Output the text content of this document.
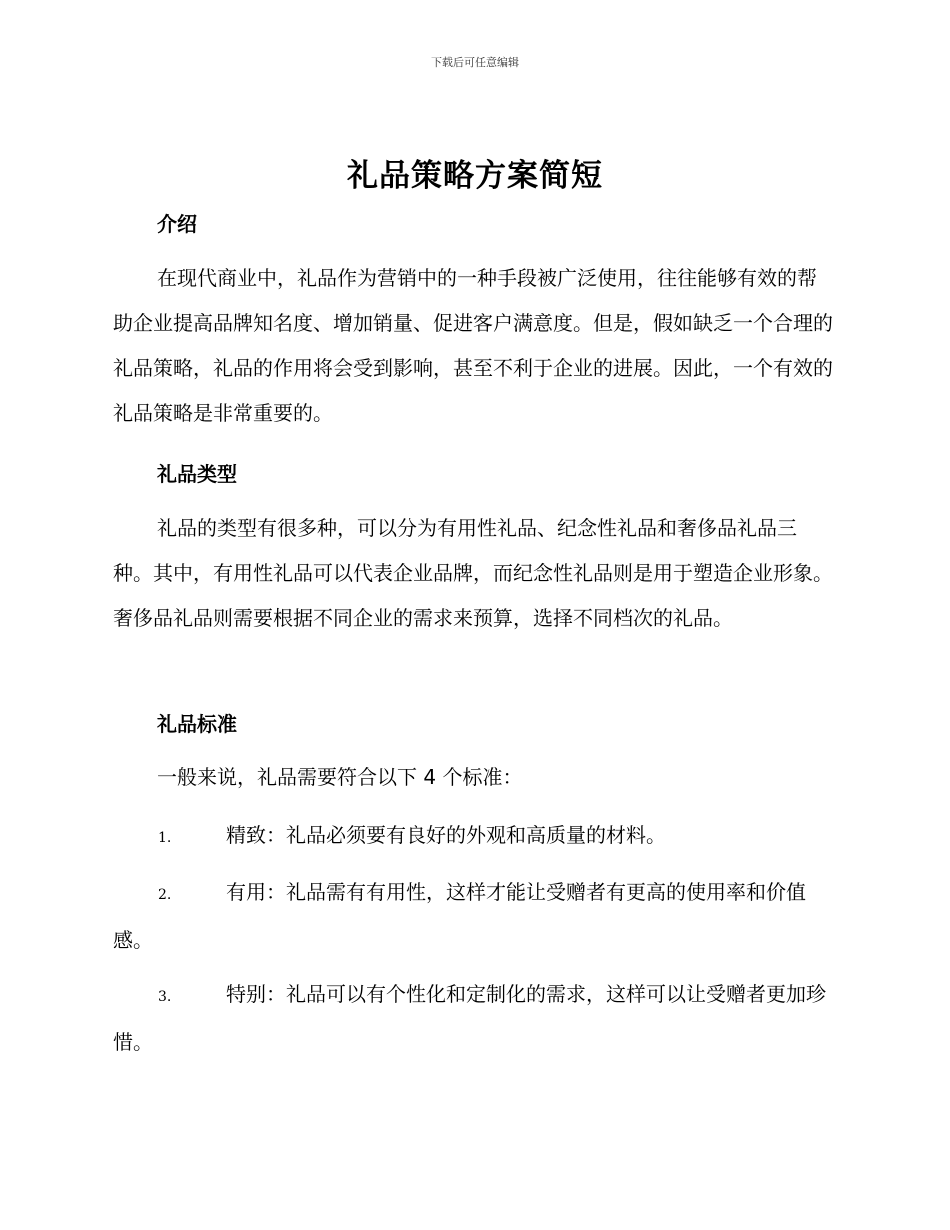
下载后可任意编辑
礼品策略方案简短
介绍

在现代商业中，礼品作为营销中的一种手段被广泛使用，往往能够有效的帮助企业提高品牌知名度、增加销量、促进客户满意度。但是，假如缺乏一个合理的礼品策略，礼品的作用将会受到影响，甚至不利于企业的进展。因此，一个有效的礼品策略是非常重要的。

礼品类型

礼品的类型有很多种，可以分为有用性礼品、纪念性礼品和奢侈品礼品三种。其中，有用性礼品可以代表企业品牌，而纪念性礼品则是用于塑造企业形象。奢侈品礼品则需要根据不同企业的需求来预算，选择不同档次的礼品。

礼品标准

一般来说，礼品需要符合以下 4 个标准：

1.	精致：礼品必须要有良好的外观和高质量的材料。

2.	有用：礼品需有有用性，这样才能让受赠者有更高的使用率和价值感。

3.	特别：礼品可以有个性化和定制化的需求，这样可以让受赠者更加珍惜。
